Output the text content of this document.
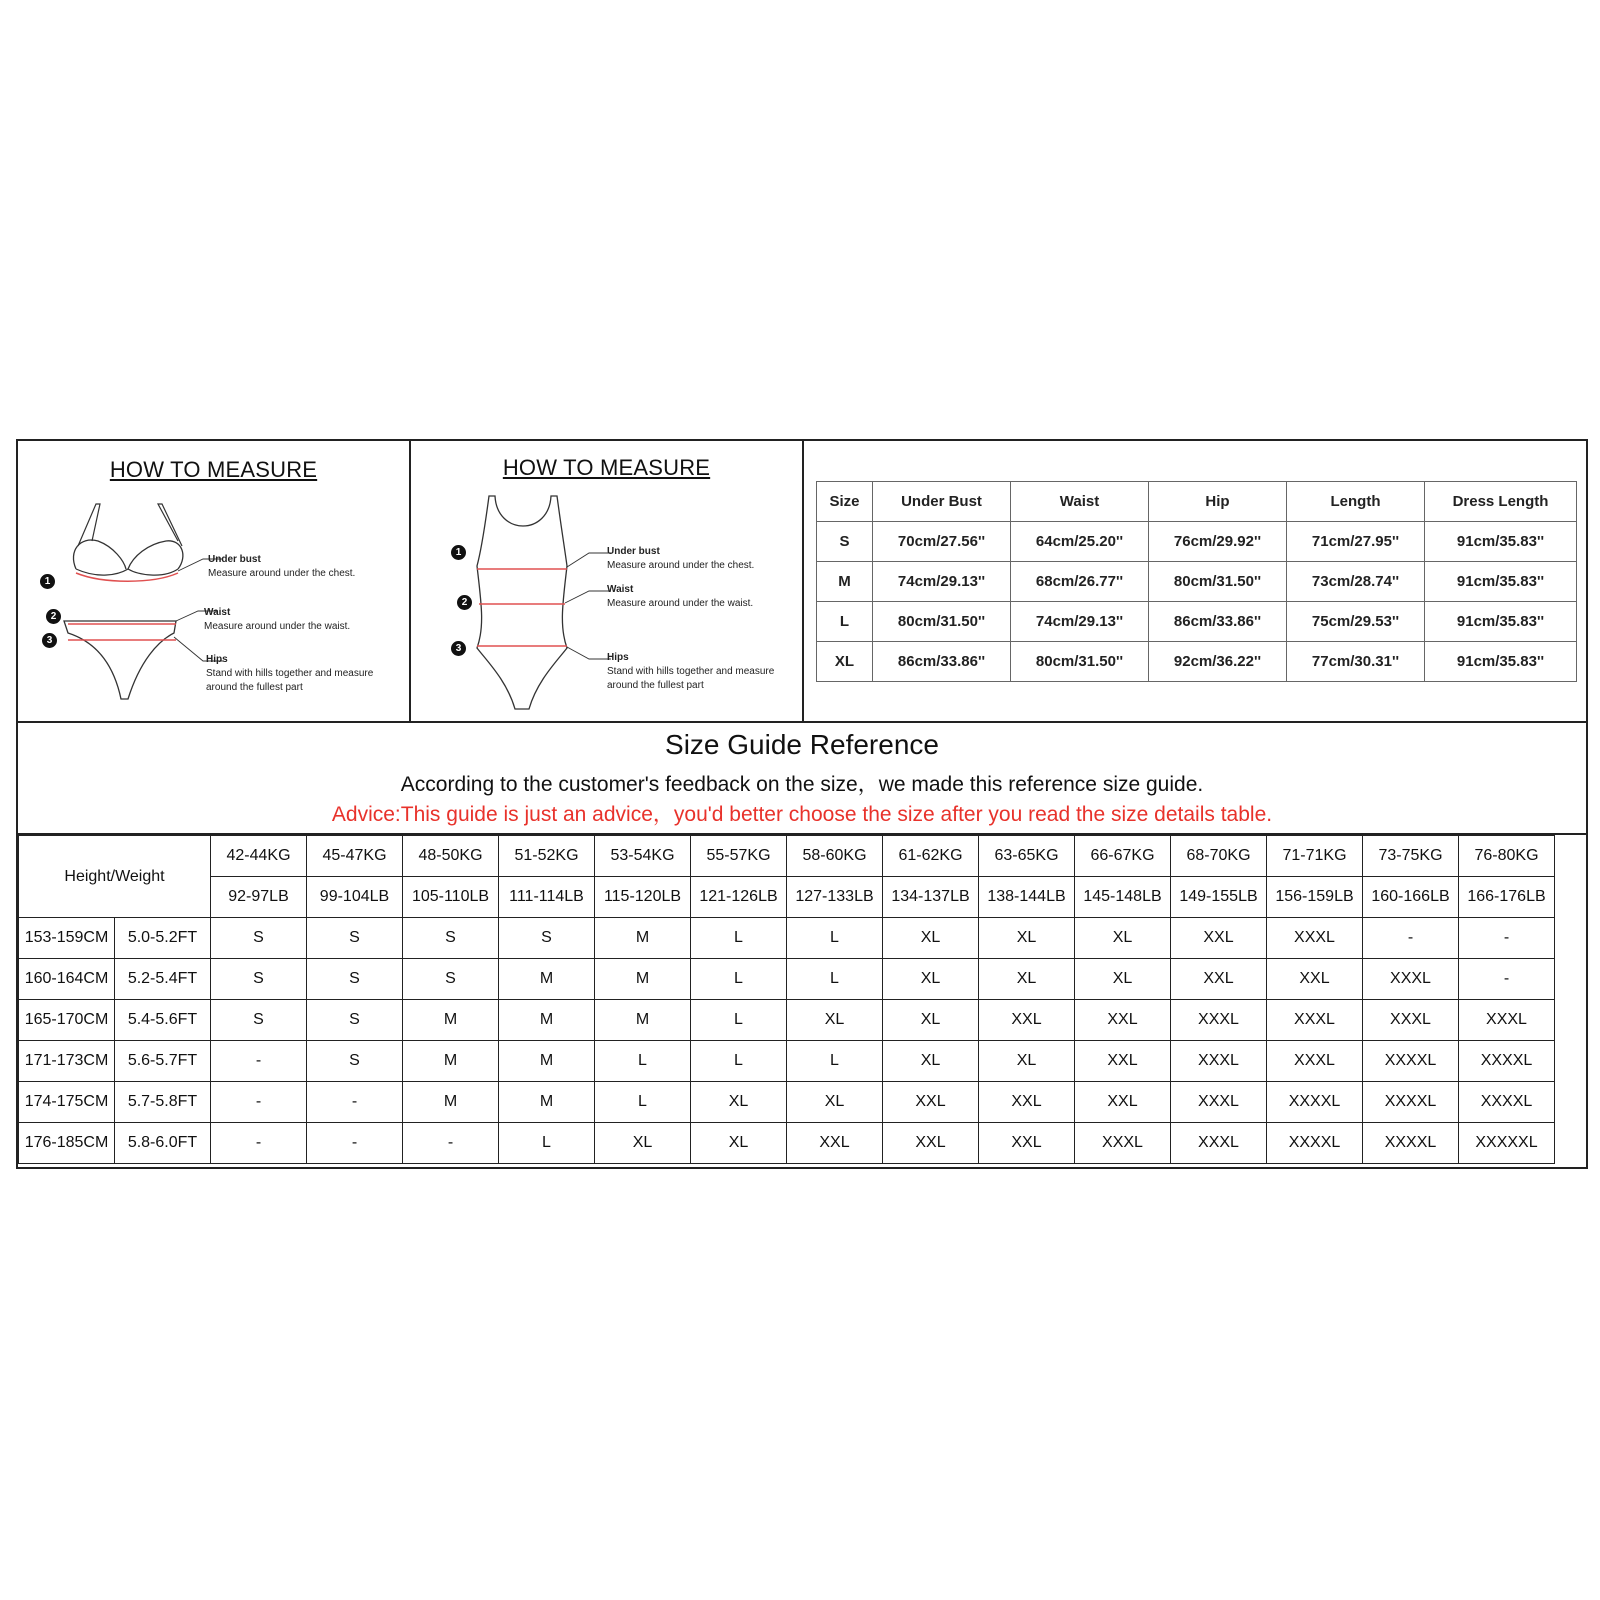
HOW TO MEASURE
1
2
3
Under bust
Measure around under the chest.
Waist
Measure around under the waist.
Hips
Stand with hills together and measure
around the fullest part
HOW TO MEASURE
1
2
3
Under bust
Measure around under the chest.
Waist
Measure around under the waist.
Hips
Stand with hills together and measure
around the fullest part
Size	Under Bust	Waist	Hip	Length	Dress Length
S	70cm/27.56''	64cm/25.20''	76cm/29.92''	71cm/27.95''	91cm/35.83''
M	74cm/29.13''	68cm/26.77''	80cm/31.50''	73cm/28.74''	91cm/35.83''
L	80cm/31.50''	74cm/29.13''	86cm/33.86''	75cm/29.53''	91cm/35.83''
XL	86cm/33.86''	80cm/31.50''	92cm/36.22''	77cm/30.31''	91cm/35.83''
Size Guide Reference
According to the customer's feedback on the size，we made this reference size guide.
Advice:This guide is just an advice，you'd better choose the size after you read the size details table.
Height/Weight		42-44KG	45-47KG	48-50KG	51-52KG	53-54KG	55-57KG	58-60KG	61-62KG	63-65KG	66-67KG	68-70KG	71-71KG	73-75KG	76-80KG
		92-97LB	99-104LB	105-110LB	111-114LB	115-120LB	121-126LB	127-133LB	134-137LB	138-144LB	145-148LB	149-155LB	156-159LB	160-166LB	166-176LB
153-159CM	5.0-5.2FT	S	S	S	S	M	L	L	XL	XL	XL	XXL	XXXL	-	-
160-164CM	5.2-5.4FT	S	S	S	M	M	L	L	XL	XL	XL	XXL	XXL	XXXL	-
165-170CM	5.4-5.6FT	S	S	M	M	M	L	XL	XL	XXL	XXL	XXXL	XXXL	XXXL	XXXL
171-173CM	5.6-5.7FT	-	S	M	M	L	L	L	XL	XL	XXL	XXXL	XXXL	XXXXL	XXXXL
174-175CM	5.7-5.8FT	-	-	M	M	L	XL	XL	XXL	XXL	XXL	XXXL	XXXXL	XXXXL	XXXXL
176-185CM	5.8-6.0FT	-	-	-	L	XL	XL	XXL	XXL	XXL	XXXL	XXXL	XXXXL	XXXXL	XXXXXL
